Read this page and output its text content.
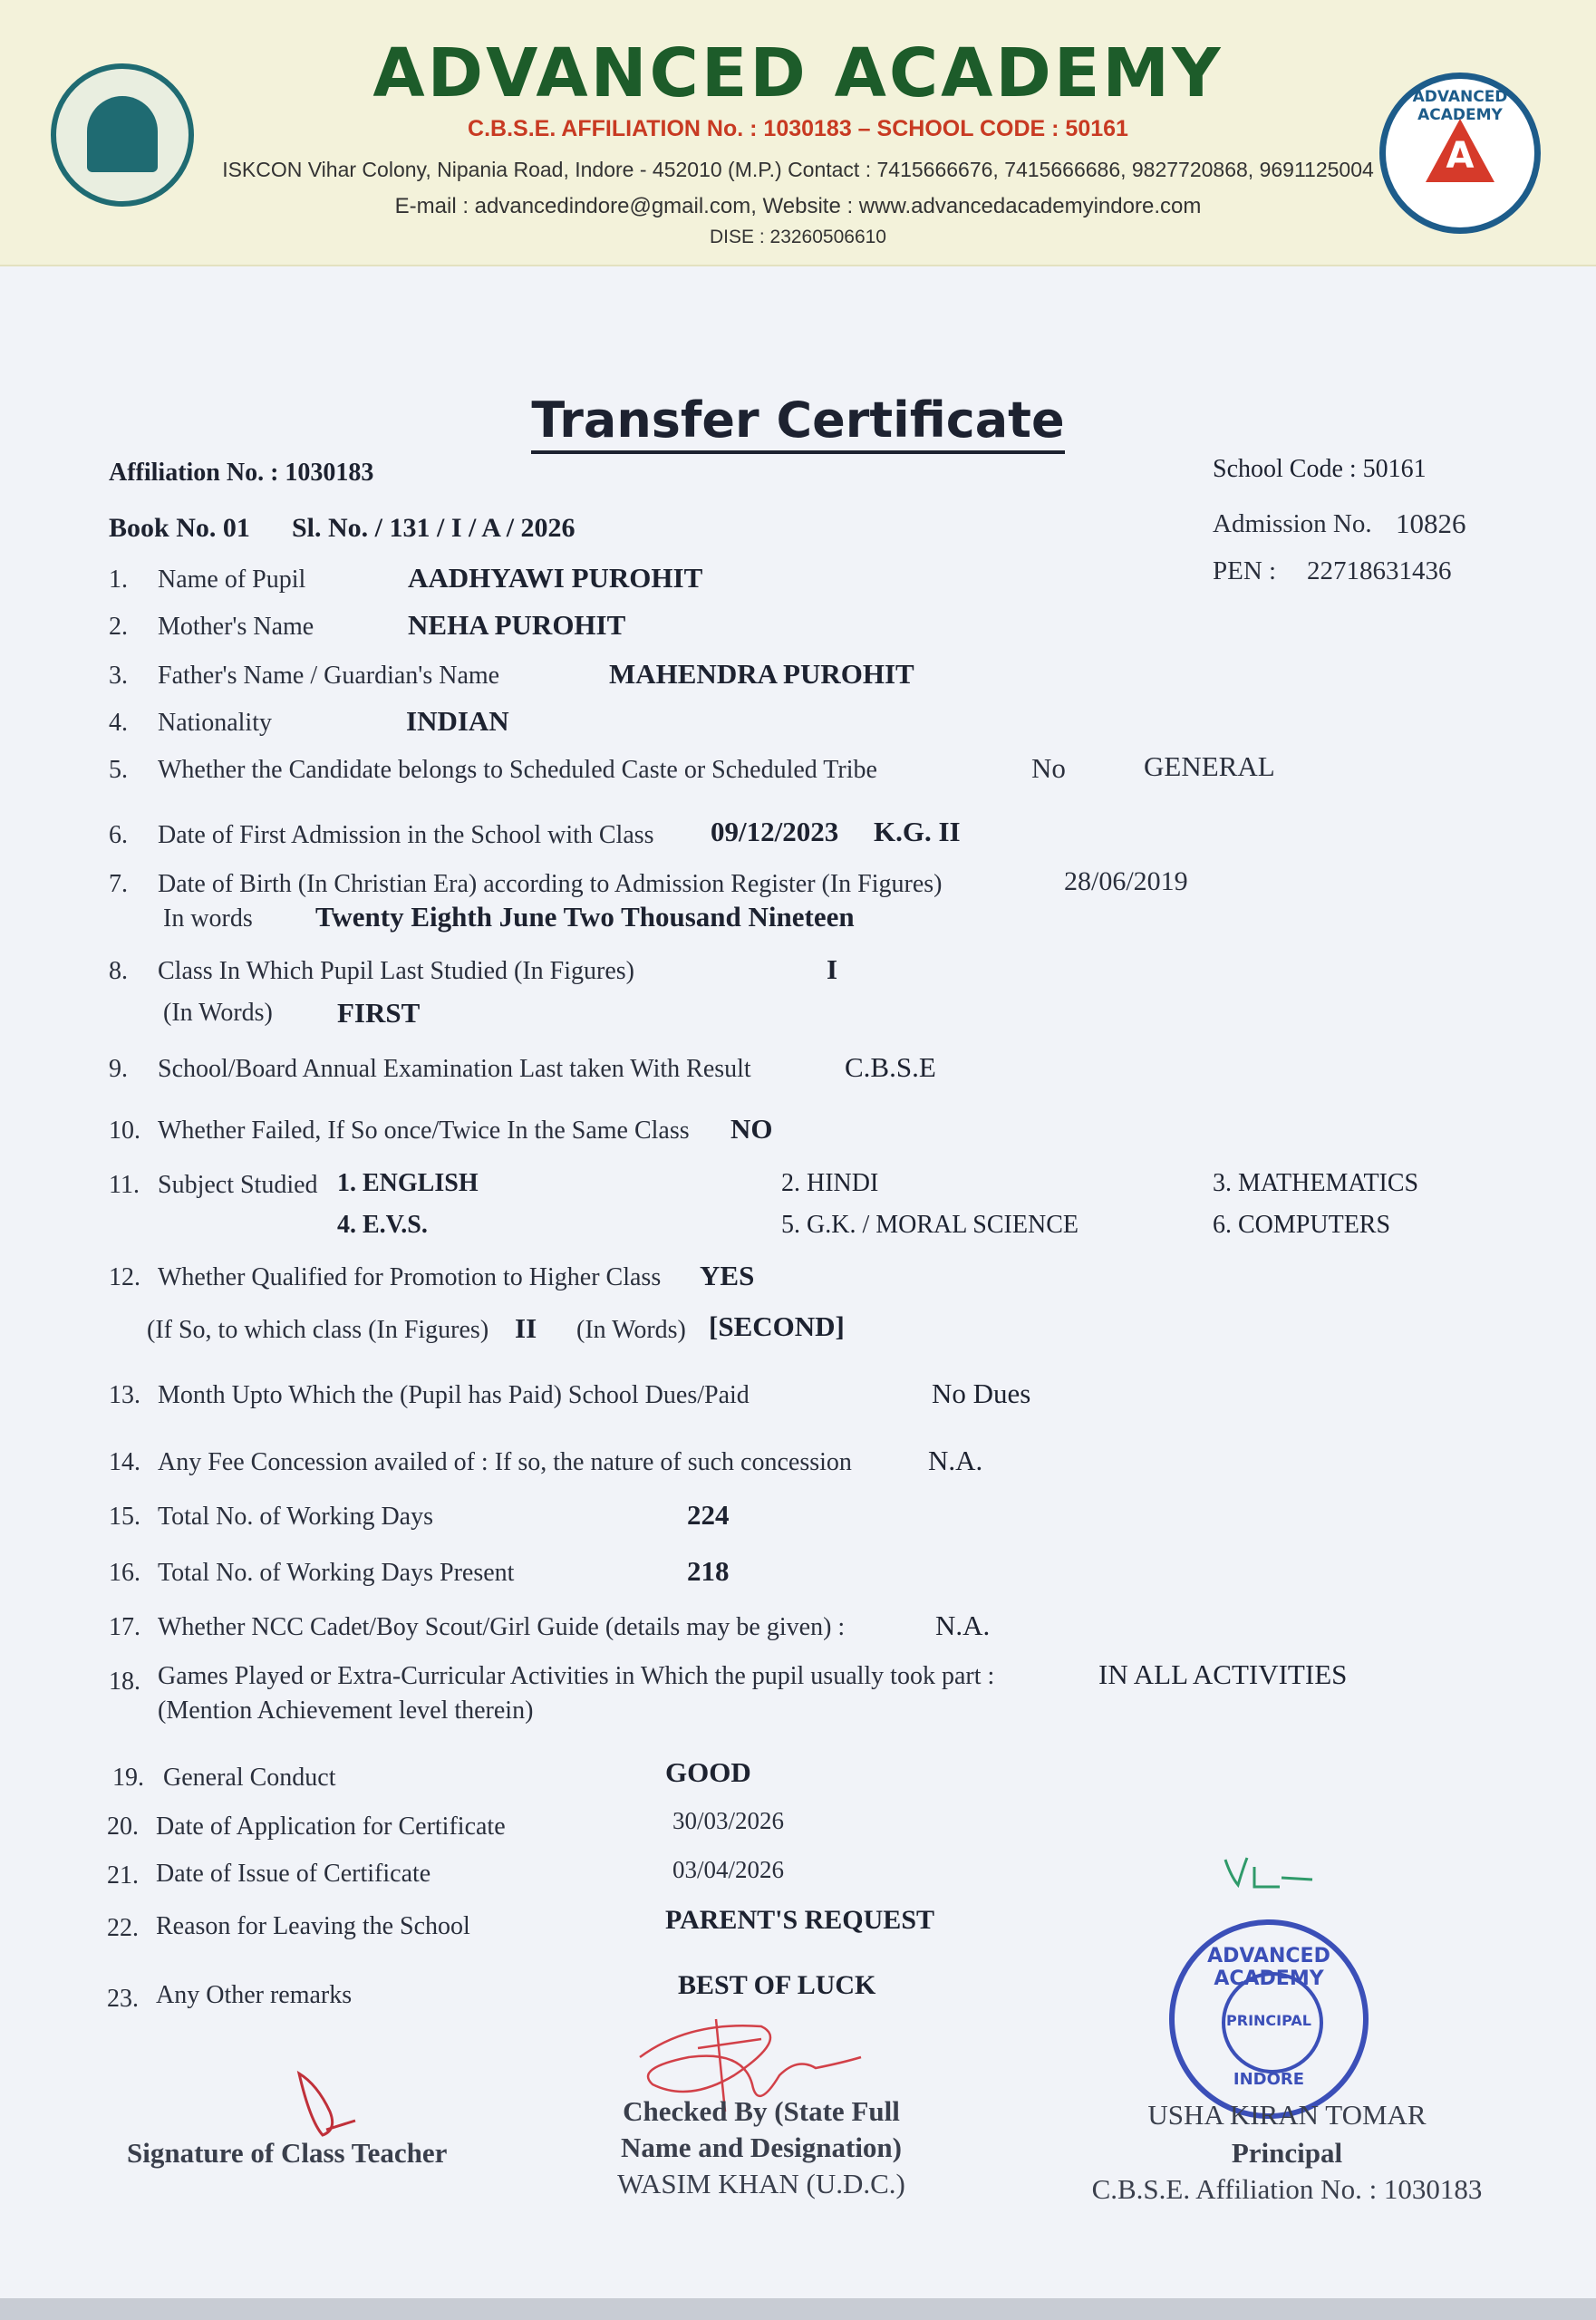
ADVANCED ACADEMY
C.B.S.E. AFFILIATION No. : 1030183 – SCHOOL CODE : 50161
ISKCON Vihar Colony, Nipania Road, Indore - 452010 (M.P.) Contact : 7415666676, 7415666686, 9827720868, 9691125004
E-mail : advancedindore@gmail.com, Website : www.advancedacademyindore.com
DISE : 23260506610
ADVANCED ACADEMY
A
Transfer Certificate
Affiliation No. : 1030183	School Code : 50161
Book No. 01 Sl. No. / 131 / I / A / 2026	Admission No. 10826
PEN : 22718631436
1. Name of Pupil	AADHYAWI PUROHIT
2. Mother's Name	NEHA PUROHIT
3. Father's Name / Guardian's Name	MAHENDRA PUROHIT
4. Nationality	INDIAN
5. Whether the Candidate belongs to Scheduled Caste or Scheduled Tribe	No	GENERAL
6. Date of First Admission in the School with Class 09/12/2023 K.G. II
7. Date of Birth (In Christian Era) according to Admission Register (In Figures)	28/06/2019
In words Twenty Eighth June Two Thousand Nineteen
8. Class In Which Pupil Last Studied (In Figures)	I
(In Words) FIRST
9. School/Board Annual Examination Last taken With Result	C.B.S.E
10. Whether Failed, If So once/Twice In the Same Class NO
11. Subject Studied 1. ENGLISH	2. HINDI	3. MATHEMATICS
4. E.V.S.	5. G.K. / MORAL SCIENCE	6. COMPUTERS
12. Whether Qualified for Promotion to Higher Class YES
(If So, to which class (In Figures) II (In Words) [SECOND]
13. Month Upto Which the (Pupil has Paid) School Dues/Paid	No Dues
14. Any Fee Concession availed of : If so, the nature of such concession	N.A.
15. Total No. of Working Days	224
16. Total No. of Working Days Present	218
17. Whether NCC Cadet/Boy Scout/Girl Guide (details may be given) :	N.A.
18. Games Played or Extra-Curricular Activities in Which the pupil usually took part :	IN ALL ACTIVITIES
(Mention Achievement level therein)
19. General Conduct	GOOD
20. Date of Application for Certificate	30/03/2026
21. Date of Issue of Certificate	03/04/2026
22. Reason for Leaving the School	PARENT'S REQUEST
23. Any Other remarks	BEST OF LUCK
ADVANCED ACADEMY
PRINCIPAL
INDORE
Signature of Class Teacher
Checked By (State Full
Name and Designation)
WASIM KHAN (U.D.C.)
USHA KIRAN TOMAR
Principal
C.B.S.E. Affiliation No. : 1030183
